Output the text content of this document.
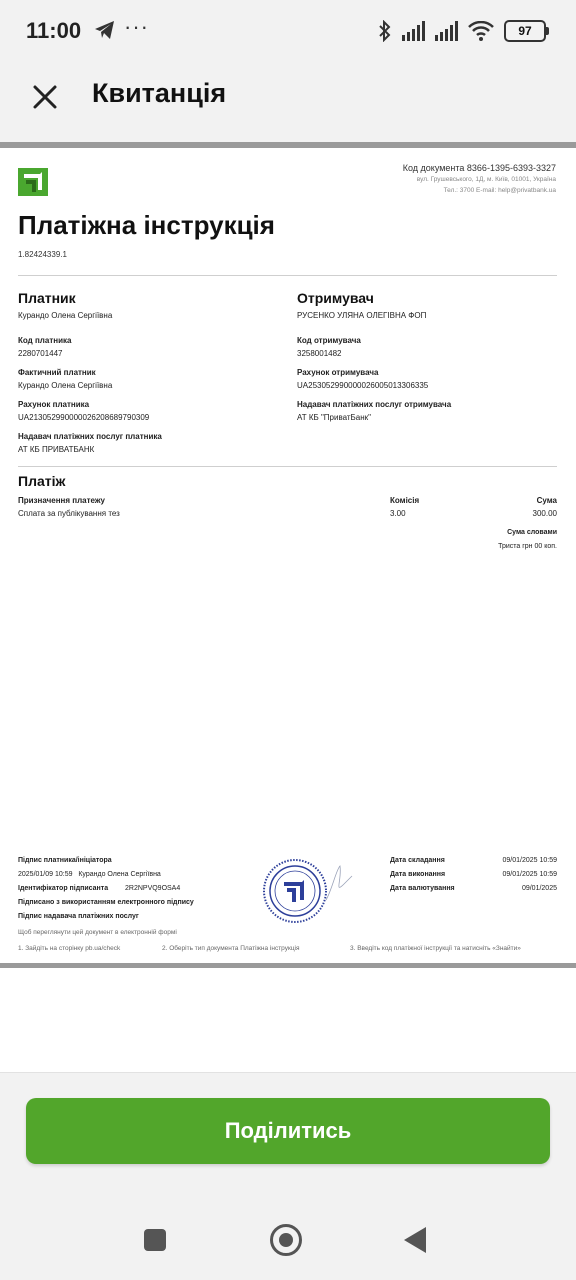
11:00 ···	97
Квитанція
Код документа 8366-1395-6393-3327
вул. Грушевського, 1Д, м. Київ, 01001, Україна
Тел.: 3700 E-mail: help@privatbank.ua
Платіжна інструкція
1.82424339.1
Платник
Курандо Олена Сергіївна
Код платника
2280701447
Фактичний платник
Курандо Олена Сергіївна
Рахунок платника
UA213052990000026208689790309
Надавач платіжних послуг платника
АТ КБ ПРИВАТБАНК
Отримувач
РУСЕНКО УЛЯНА ОЛЕГІВНА ФОП
Код отримувача
3258001482
Рахунок отримувача
UA253052990000026005013306335
Надавач платіжних послуг отримувача
АТ КБ "ПриватБанк"
Платіж
Призначення платежу
Сплата за публікування тез
Комісія
3.00
Сума
300.00
Сума словами
Триста грн 00 коп.
Підпис платника/ініціатора
2025/01/09 10:59   Курандо Олена Сергіївна
Ідентифікатор підписанта 2R2NPVQ9OSA4
Підписано з використанням електронного підпису
Підпис надавача платіжних послуг
Щоб переглянути цей документ в електронній формі
Дата складання	09/01/2025 10:59
Дата виконання	09/01/2025 10:59
Дата валютування	09/01/2025
1. Зайдіть на сторінку pb.ua/check	2. Оберіть тип документа Платіжна інструкція	3. Введіть код платіжної інструкції та натисніть «Знайти»
Поділитись
